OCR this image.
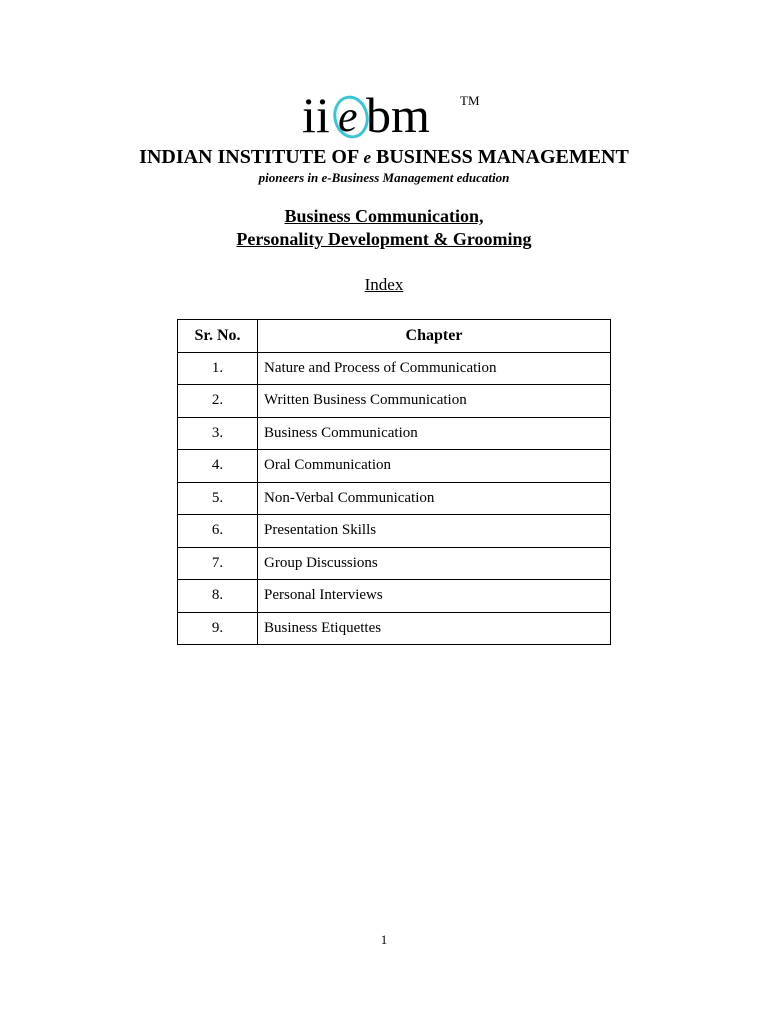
ii e bm TM
INDIAN INSTITUTE OF e BUSINESS MANAGEMENT
pioneers in e-Business Management education
Business Communication,
Personality Development & Grooming
Index
Sr. No.	Chapter
1.	Nature and Process of Communication
2.	Written Business Communication
3.	Business Communication
4.	Oral Communication
5.	Non-Verbal Communication
6.	Presentation Skills
7.	Group Discussions
8.	Personal Interviews
9.	Business Etiquettes
1
